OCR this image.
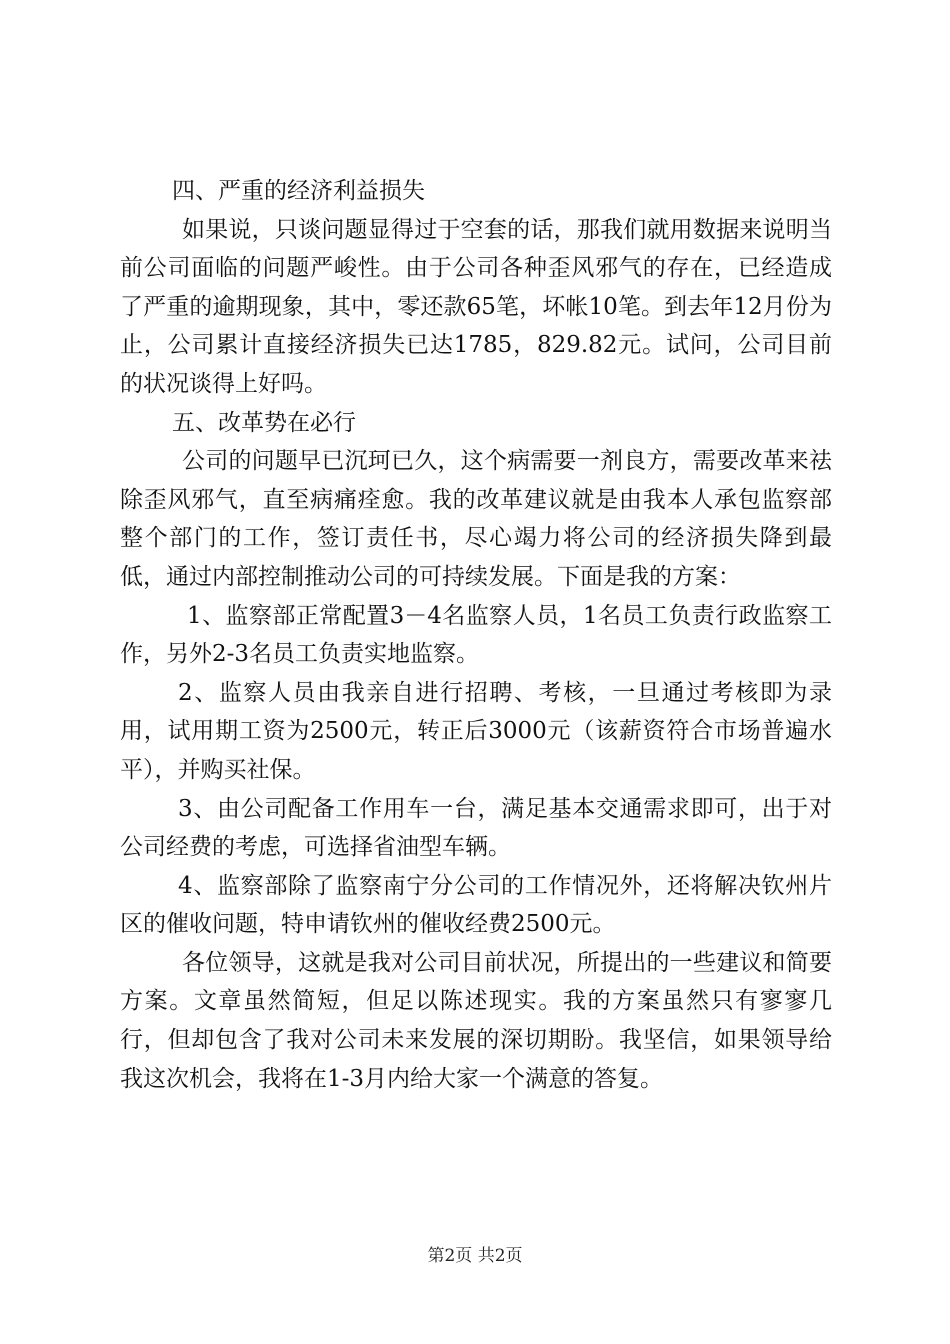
四、严重的经济利益损失

如果说，只谈问题显得过于空套的话，那我们就用数据来说明当前公司面临的问题严峻性。由于公司各种歪风邪气的存在，已经造成了严重的逾期现象，其中，零还款65笔，坏帐10笔。到去年12月份为止，公司累计直接经济损失已达1785，829.82元。试问，公司目前的状况谈得上好吗。

五、改革势在必行

公司的问题早已沉珂已久，这个病需要一剂良方，需要改革来祛除歪风邪气，直至病痛痊愈。我的改革建议就是由我本人承包监察部整个部门的工作，签订责任书，尽心竭力将公司的经济损失降到最低，通过内部控制推动公司的可持续发展。下面是我的方案：

1、监察部正常配置3－4名监察人员，1名员工负责行政监察工作，另外2-3名员工负责实地监察。

2、监察人员由我亲自进行招聘、考核，一旦通过考核即为录用，试用期工资为2500元，转正后3000元（该薪资符合市场普遍水平），并购买社保。

3、由公司配备工作用车一台，满足基本交通需求即可，出于对公司经费的考虑，可选择省油型车辆。

4、监察部除了监察南宁分公司的工作情况外，还将解决钦州片区的催收问题，特申请钦州的催收经费2500元。

各位领导，这就是我对公司目前状况，所提出的一些建议和简要方案。文章虽然简短，但足以陈述现实。我的方案虽然只有寥寥几行，但却包含了我对公司未来发展的深切期盼。我坚信，如果领导给我这次机会，我将在1-3月内给大家一个满意的答复。

第2页 共2页
